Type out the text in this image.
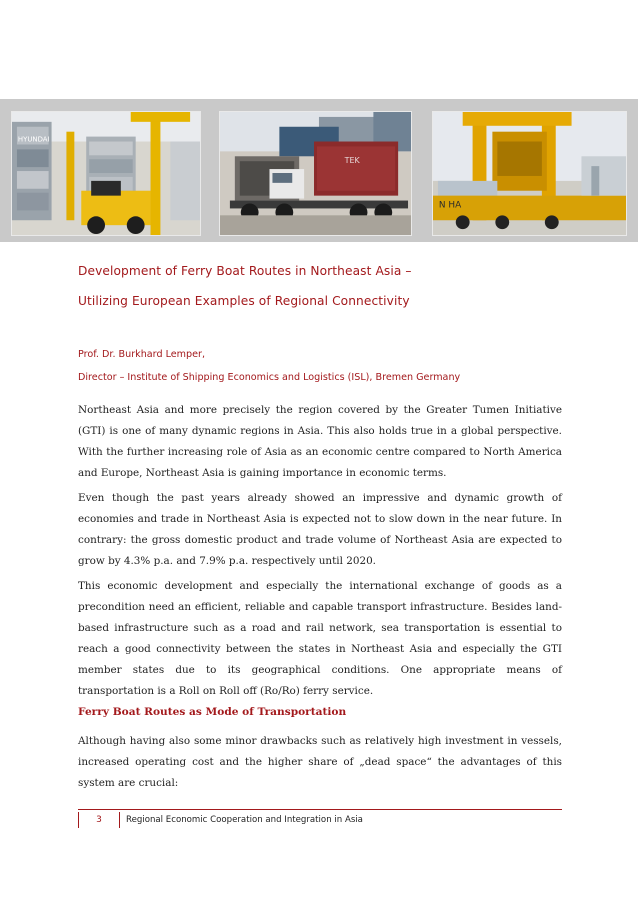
HYUNDAI
TEK
N HA
Development of Ferry Boat Routes in Northeast Asia –
Utilizing European Examples of Regional Connectivity
Prof. Dr. Burkhard Lemper,
Director – Institute of Shipping Economics and Logistics (ISL), Bremen Germany

Northeast Asia and more precisely the region covered by the Greater Tumen Initiative (GTI) is one of many dynamic regions in Asia. This also holds true in a global perspective. With the further increasing role of Asia as an economic centre compared to North America and Europe, Northeast Asia is gaining importance in economic terms.

Even though the past years already showed an impressive and dynamic growth of economies and trade in Northeast Asia is expected not to slow down in the near future. In contrary: the gross domestic product and trade volume of Northeast Asia are expected to grow by 4.3% p.a. and 7.9% p.a. respectively until 2020.

This economic development and especially the international exchange of goods as a precondition need an efficient, reliable and capable transport infrastructure. Besides land-based infrastructure such as a road and rail network, sea transportation is essential to reach a good connectivity between the states in Northeast Asia and especially the GTI member states due to its geographical conditions. One appropriate means of transportation is a Roll on Roll off (Ro/Ro) ferry service.

Ferry Boat Routes as Mode of Transportation

Although having also some minor drawbacks such as relatively high investment in vessels, increased operating cost and the higher share of „dead space“ the advantages of this system are crucial:

3	Regional Economic Cooperation and Integration in Asia
